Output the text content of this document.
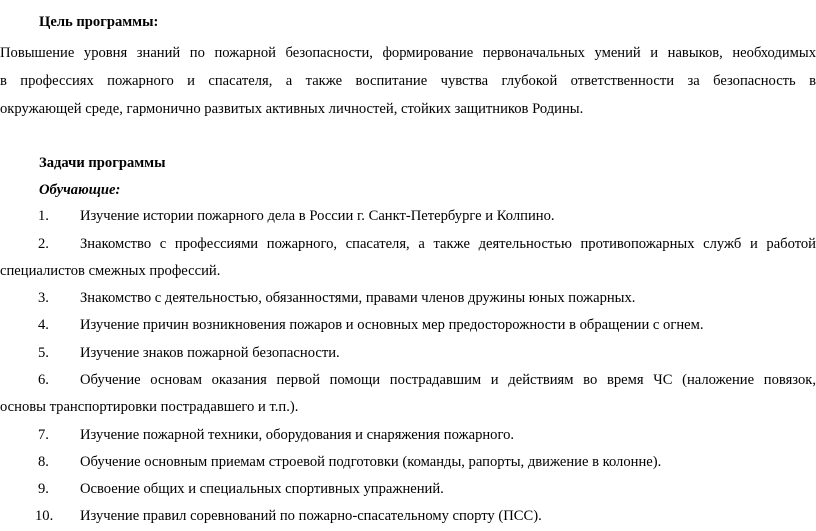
Цель программы:
Повышение уровня знаний по пожарной безопасности, формирование первоначальных умений и навыков, необходимых
в профессиях пожарного и спасателя, а также воспитание чувства глубокой ответственности за безопасность в
окружающей среде, гармонично развитых активных личностей, стойких защитников Родины.
Задачи программы
Обучающие:
1. Изучение истории пожарного дела в России г. Санкт-Петербурге и Колпино.
2. Знакомство с профессиями пожарного, спасателя, а также деятельностью противопожарных служб и работой
специалистов смежных профессий.
3. Знакомство с деятельностью, обязанностями, правами членов дружины юных пожарных.
4. Изучение причин возникновения пожаров и основных мер предосторожности в обращении с огнем.
5. Изучение знаков пожарной безопасности.
6. Обучение основам оказания первой помощи пострадавшим и действиям во время ЧС (наложение повязок,
основы транспортировки пострадавшего и т.п.).
7. Изучение пожарной техники, оборудования и снаряжения пожарного.
8. Обучение основным приемам строевой подготовки (команды, рапорты, движение в колонне).
9. Освоение общих и специальных спортивных упражнений.
10. Изучение правил соревнований по пожарно-спасательному спорту (ПСС).
